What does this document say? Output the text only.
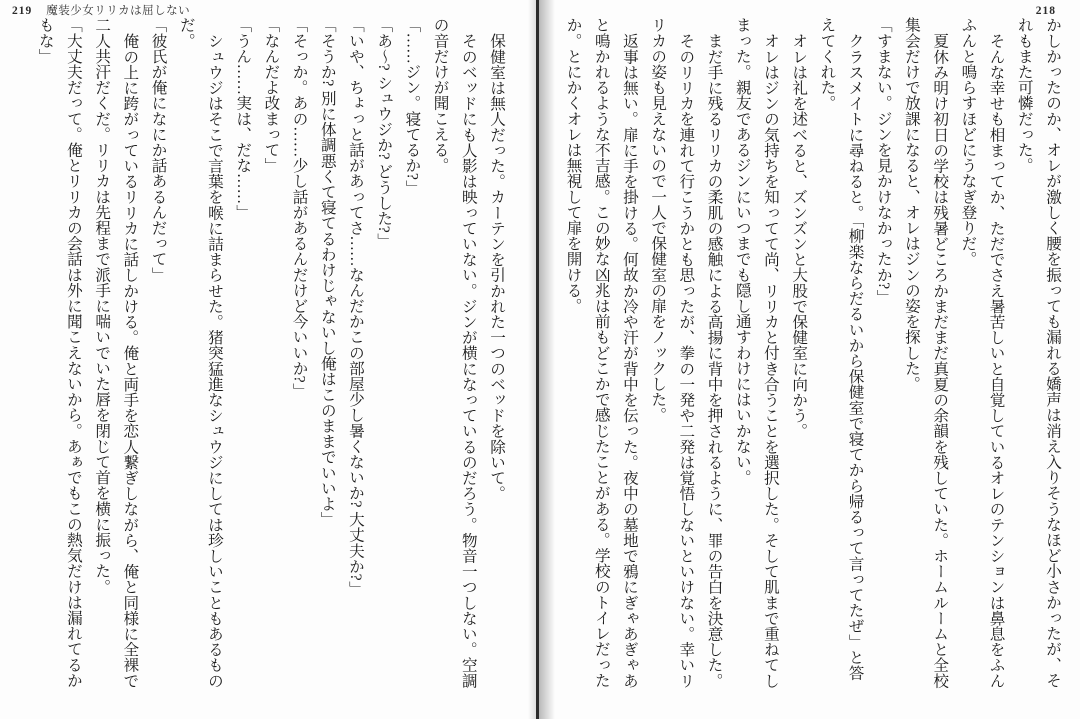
219 魔装少女リリカは屈しない
保健室は無人だった。カーテンを引かれた一つのベッドを除いて。
そのベッドにも人影は映っていない。ジンが横になっているのだろう。物音一つしない。空調
の音だけが聞こえる。
「……ジン。寝てるか?」
「あ〜? シュウジか? どうした?」
「いや、ちょっと話があってさ……なんだかこの部屋少し暑くないか? 大丈夫か?」
「そうか? 別に体調悪くて寝てるわけじゃないし俺はこのままでいいよ」
「そっか。あの……少し話があるんだけど今いいか?」
「なんだよ改まって」
「うん……実は、だな……」
シュウジはそこで言葉を喉に詰まらせた。猪突猛進なシュウジにしては珍しいこともあるもの
だ。
「彼氏が俺になにか話あるんだって」
俺の上に跨がっているリリカに話しかける。俺と両手を恋人繋ぎしながら、俺と同様に全裸で
二人共汗だくだ。リリカは先程まで派手に喘いでいた唇を閉じて首を横に振った。
「大丈夫だって。俺とリリカの会話は外に聞こえないから。あぁでもこの熱気だけは漏れてるか
もな」
218
かしかったのか、オレが激しく腰を振っても漏れる嬌声は消え入りそうなほど小さかったが、そ
れもまた可憐だった。
そんな幸せも相まってか、ただでさえ暑苦しいと自覚しているオレのテンションは鼻息をふん
ふんと鳴らすほどにうなぎ登りだ。
夏休み明け初日の学校は残暑どころかまだまだ真夏の余韻を残していた。ホームルームと全校
集会だけで放課になると、オレはジンの姿を探した。
「すまない。ジンを見かけなかったか?」
クラスメイトに尋ねると。「柳楽ならだるいから保健室で寝てから帰るって言ってたぜ」と答
えてくれた。
オレは礼を述べると、ズンズンと大股で保健室に向かう。
オレはジンの気持ちを知ってて尚、リリカと付き合うことを選択した。そして肌まで重ねてし
まった。親友であるジンにいつまでも隠し通すわけにはいかない。
まだ手に残るリリカの柔肌の感触による高揚に背中を押されるように、罪の告白を決意した。
そのリリカを連れて行こうかとも思ったが、拳の一発や二発は覚悟しないといけない。幸いリ
リカの姿も見えないので一人で保健室の扉をノックした。
返事は無い。扉に手を掛ける。何故か冷や汗が背中を伝った。夜中の墓地で鴉にぎゃあぎゃあ
と鳴かれるような不吉感。この妙な凶兆は前もどこかで感じたことがある。学校のトイレだった
か。とにかくオレは無視して扉を開ける。
